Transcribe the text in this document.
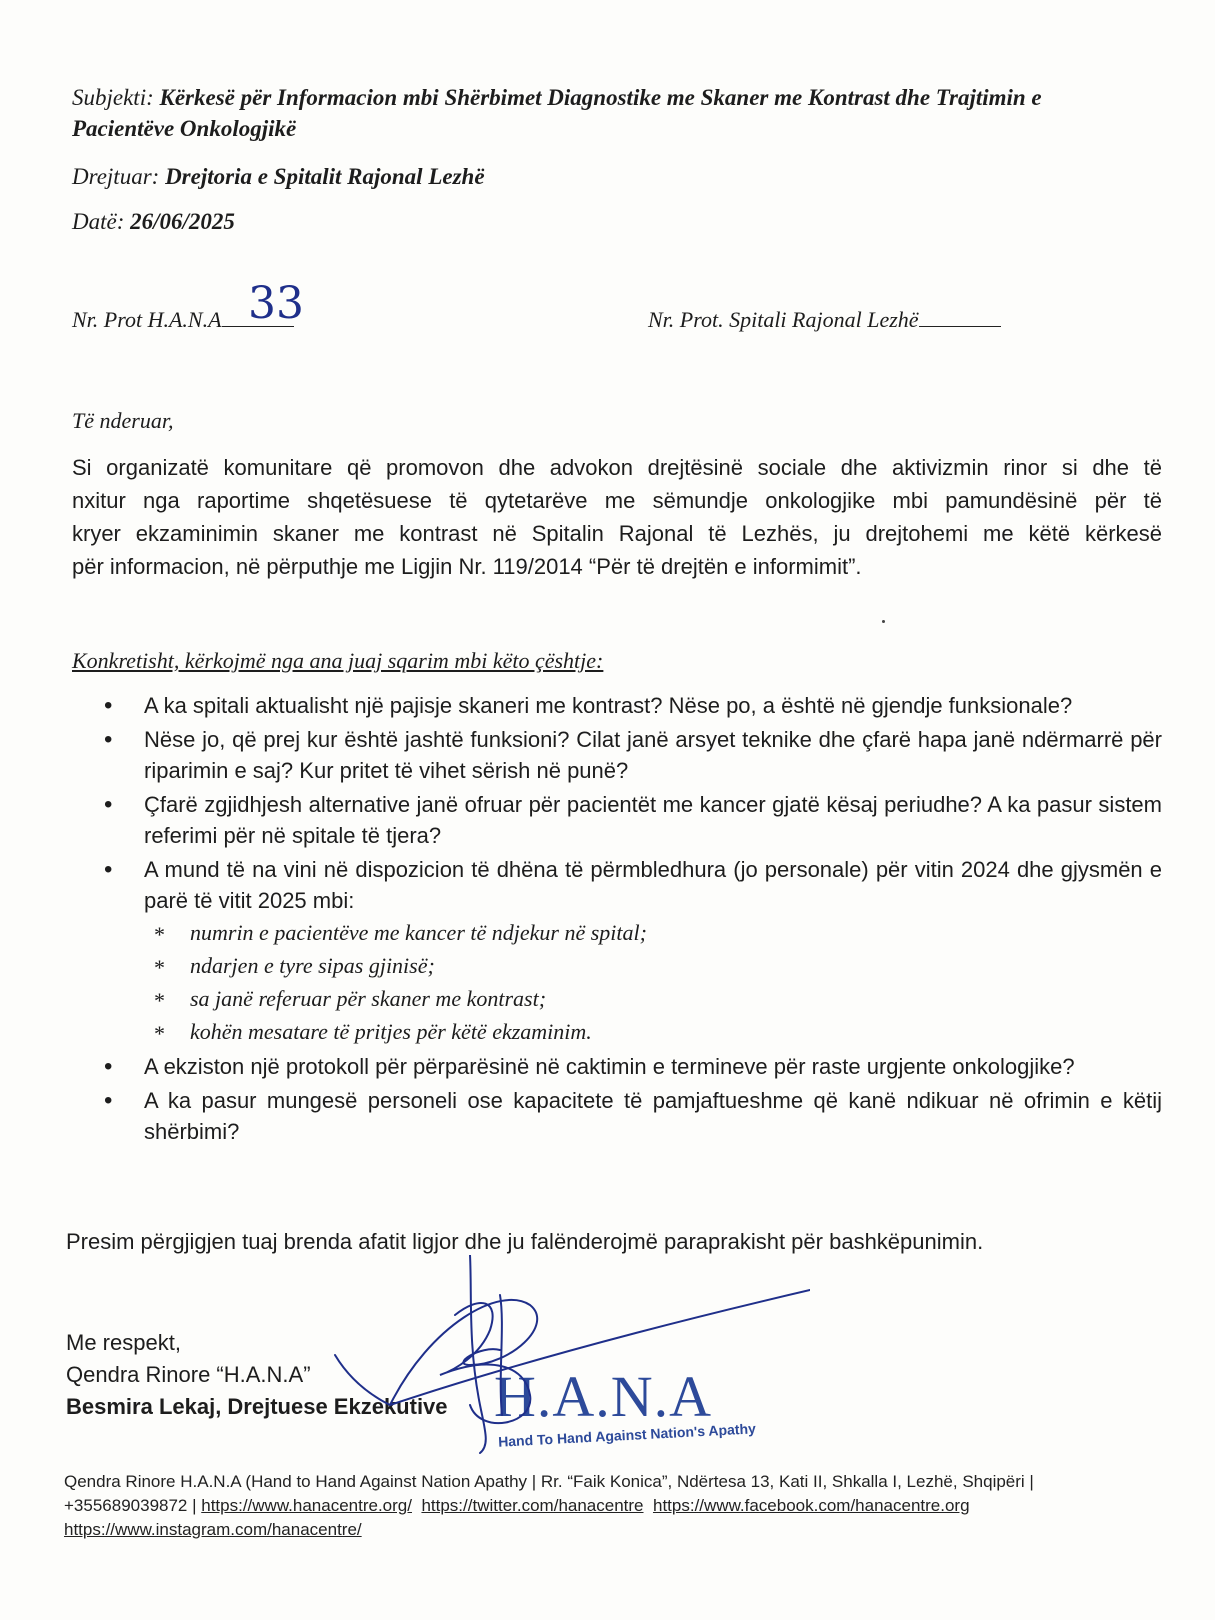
Subjekti: Kërkesë për Informacion mbi Shërbimet Diagnostike me Skaner me Kontrast dhe Trajtimin e Pacientëve Onkologjikë
Drejtuar: Drejtoria e Spitalit Rajonal Lezhë
Datë: 26/06/2025
Nr. Prot H.A.N.A 33	Nr. Prot. Spitali Rajonal Lezhë
Të nderuar,
Si organizatë komunitare që promovon dhe advokon drejtësinë sociale dhe aktivizmin rinor si dhe të
nxitur nga raportime shqetësuese të qytetarëve me sëmundje onkologjike mbi pamundësinë për të
kryer ekzaminimin skaner me kontrast në Spitalin Rajonal të Lezhës, ju drejtohemi me këtë kërkesë
për informacion, në përputhje me Ligjin Nr. 119/2014 “Për të drejtën e informimit”.
Konkretisht, kërkojmë nga ana juaj sqarim mbi këto çështje:
• A ka spitali aktualisht një pajisje skaneri me kontrast? Nëse po, a është në gjendje funksionale?
• Nëse jo, që prej kur është jashtë funksioni? Cilat janë arsyet teknike dhe çfarë hapa janë ndërmarrë për riparimin e saj? Kur pritet të vihet sërish në punë?
• Çfarë zgjidhjesh alternative janë ofruar për pacientët me kancer gjatë kësaj periudhe? A ka pasur sistem referimi për në spitale të tjera?
• A mund të na vini në dispozicion të dhëna të përmbledhura (jo personale) për vitin 2024 dhe gjysmën e parë të vitit 2025 mbi:
* numrin e pacientëve me kancer të ndjekur në spital;
* ndarjen e tyre sipas gjinisë;
* sa janë referuar për skaner me kontrast;
* kohën mesatare të pritjes për këtë ekzaminim.
• A ekziston një protokoll për përparësinë në caktimin e termineve për raste urgjente onkologjike?
• A ka pasur mungesë personeli ose kapacitete të pamjaftueshme që kanë ndikuar në ofrimin e këtij shërbimi?
Presim përgjigjen tuaj brenda afatit ligjor dhe ju falënderojmë paraprakisht për bashkëpunimin.
Me respekt,
Qendra Rinore “H.A.N.A”
Besmira Lekaj, Drejtuese Ekzekutive H.A.N.A
Hand To Hand Against Nation's Apathy
Qendra Rinore H.A.N.A (Hand to Hand Against Nation Apathy | Rr. “Faik Konica”, Ndërtesa 13, Kati II, Shkalla I, Lezhë, Shqipëri |
+355689039872 | https://www.hanacentre.org/ https://twitter.com/hanacentre https://www.facebook.com/hanacentre.org
https://www.instagram.com/hanacentre/
